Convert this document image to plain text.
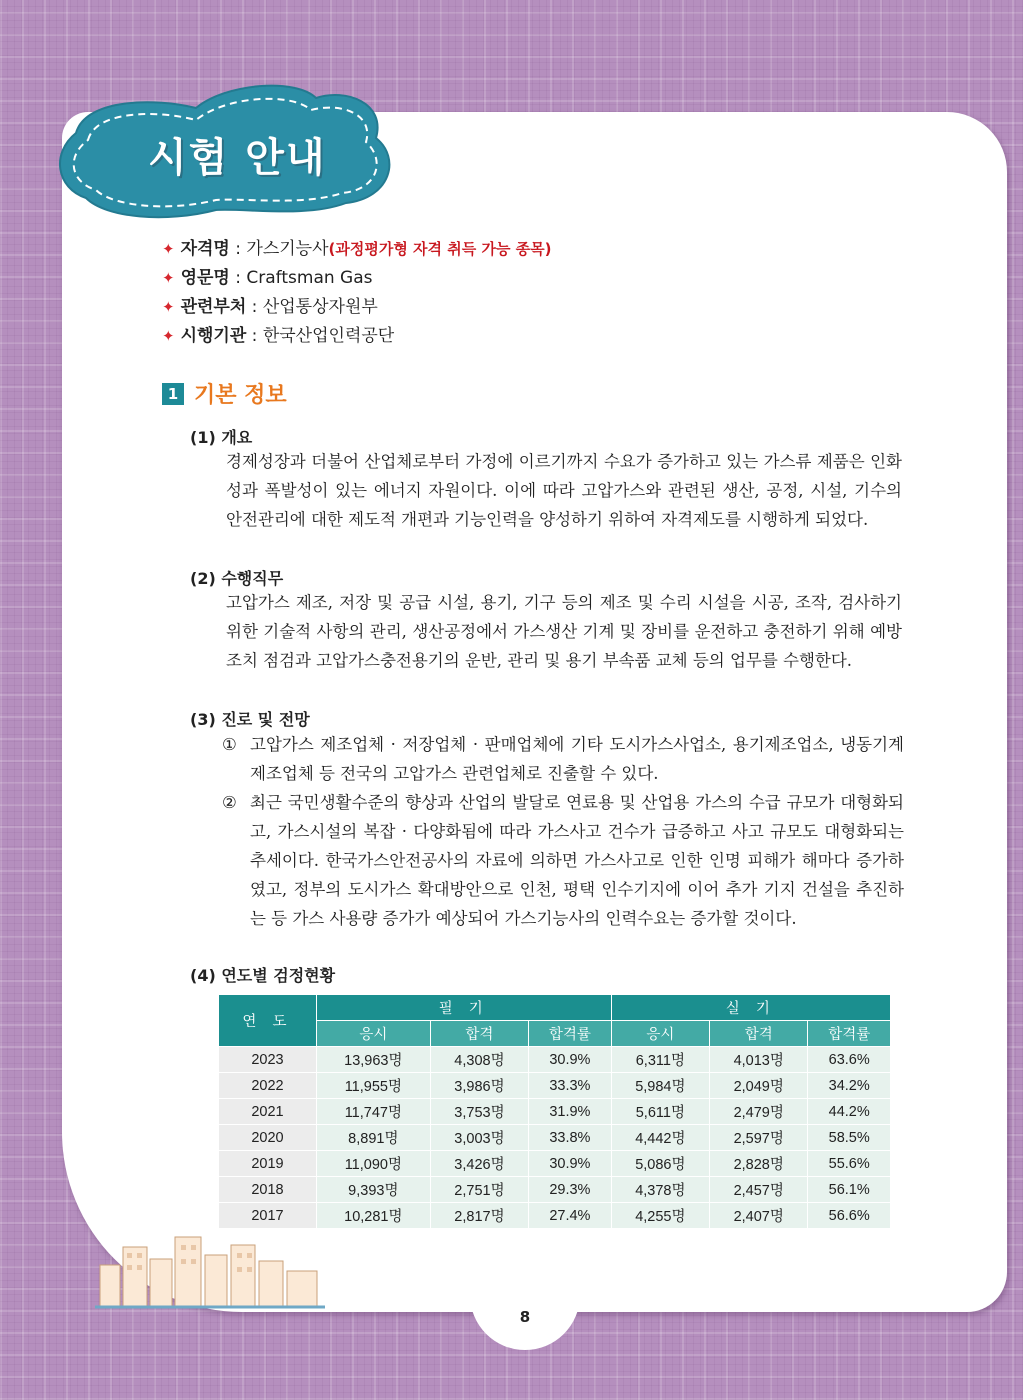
8
시험 안내
✦ 자격명 : 가스기능사(과정평가형 자격 취득 가능 종목)
✦ 영문명 : Craftsman Gas
✦ 관련부처 : 산업통상자원부
✦ 시행기관 : 한국산업인력공단
1 기본 정보
(1) 개요
경제성장과 더불어 산업체로부터 가정에 이르기까지 수요가 증가하고 있는 가스류 제품은 인화성과 폭발성이 있는 에너지 자원이다. 이에 따라 고압가스와 관련된 생산, 공정, 시설, 기수의 안전관리에 대한 제도적 개편과 기능인력을 양성하기 위하여 자격제도를 시행하게 되었다.
(2) 수행직무
고압가스 제조, 저장 및 공급 시설, 용기, 기구 등의 제조 및 수리 시설을 시공, 조작, 검사하기 위한 기술적 사항의 관리, 생산공정에서 가스생산 기계 및 장비를 운전하고 충전하기 위해 예방조치 점검과 고압가스충전용기의 운반, 관리 및 용기 부속품 교체 등의 업무를 수행한다.
(3) 진로 및 전망
① 고압가스 제조업체 · 저장업체 · 판매업체에 기타 도시가스사업소, 용기제조업소, 냉동기계제조업체 등 전국의 고압가스 관련업체로 진출할 수 있다.
② 최근 국민생활수준의 향상과 산업의 발달로 연료용 및 산업용 가스의 수급 규모가 대형화되고, 가스시설의 복잡 · 다양화됨에 따라 가스사고 건수가 급증하고 사고 규모도 대형화되는 추세이다. 한국가스안전공사의 자료에 의하면 가스사고로 인한 인명 피해가 해마다 증가하였고, 정부의 도시가스 확대방안으로 인천, 평택 인수기지에 이어 추가 기지 건설을 추진하는 등 가스 사용량 증가가 예상되어 가스기능사의 인력수요는 증가할 것이다.
(4) 연도별 검정현황
연 도	필 기			실 기		
	응시	합격	합격률	응시	합격	합격률
2023	13,963명	4,308명	30.9%	6,311명	4,013명	63.6%
2022	11,955명	3,986명	33.3%	5,984명	2,049명	34.2%
2021	11,747명	3,753명	31.9%	5,611명	2,479명	44.2%
2020	8,891명	3,003명	33.8%	4,442명	2,597명	58.5%
2019	11,090명	3,426명	30.9%	5,086명	2,828명	55.6%
2018	9,393명	2,751명	29.3%	4,378명	2,457명	56.1%
2017	10,281명	2,817명	27.4%	4,255명	2,407명	56.6%
